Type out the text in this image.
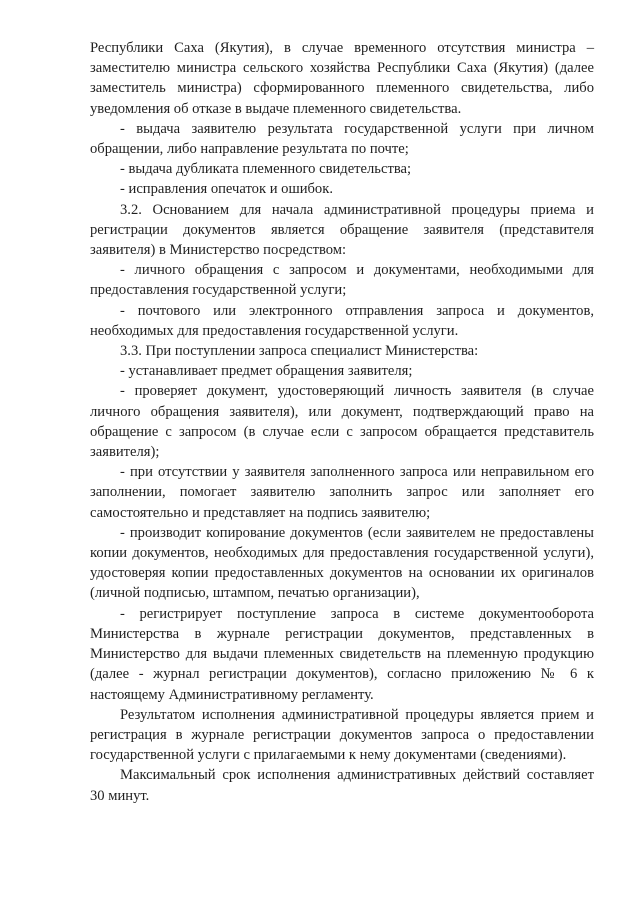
Республики Саха (Якутия), в случае временного отсутствия министра – заместителю министра сельского хозяйства Республики Саха (Якутия) (далее заместитель министра) сформированного племенного свидетельства, либо уведомления об отказе в выдаче племенного свидетельства.

- выдача заявителю результата государственной услуги при личном обращении, либо направление результата по почте;

- выдача дубликата племенного свидетельства;

- исправления опечаток и ошибок.

3.2. Основанием для начала административной процедуры приема и регистрации документов является обращение заявителя (представителя заявителя) в Министерство посредством:

- личного обращения с запросом и документами, необходимыми для предоставления государственной услуги;

- почтового или электронного отправления запроса и документов, необходимых для предоставления государственной услуги.

3.3. При поступлении запроса специалист Министерства:

- устанавливает предмет обращения заявителя;

- проверяет документ, удостоверяющий личность заявителя (в случае личного обращения заявителя), или документ, подтверждающий право на обращение с запросом (в случае если с запросом обращается представитель заявителя);

- при отсутствии у заявителя заполненного запроса или неправильном его заполнении, помогает заявителю заполнить запрос или заполняет его самостоятельно и представляет на подпись заявителю;

- производит копирование документов (если заявителем не предоставлены копии документов, необходимых для предоставления государственной услуги), удостоверяя копии предоставленных документов на основании их оригиналов (личной подписью, штампом, печатью организации),

- регистрирует поступление запроса в системе документооборота Министерства в журнале регистрации документов, представленных в Министерство для выдачи племенных свидетельств на племенную продукцию (далее - журнал регистрации документов), согласно приложению № 6 к настоящему Административному регламенту.

Результатом исполнения административной процедуры является прием и регистрация в журнале регистрации документов запроса о предоставлении государственной услуги с прилагаемыми к нему документами (сведениями).

Максимальный срок исполнения административных действий составляет 30 минут.
